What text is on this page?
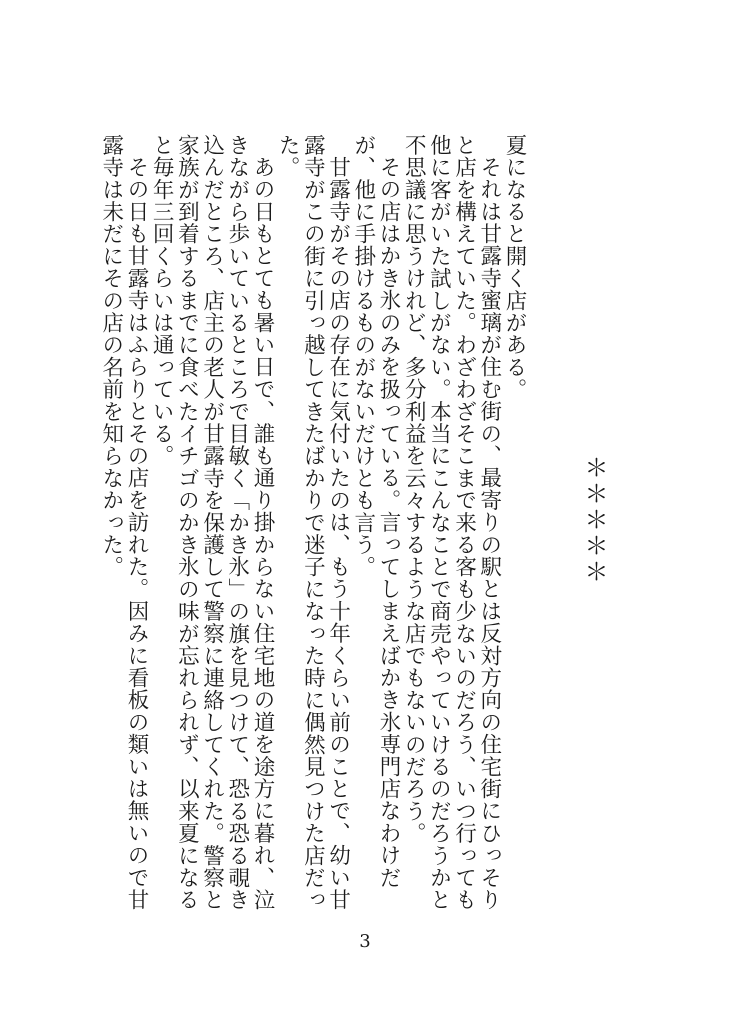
＊＊＊＊＊

夏になると開く店がある。

それは甘露寺蜜璃が住む街の、最寄りの駅とは反対方向の住宅街にひっそりと店を構えていた。わざわざそこまで来る客も少ないのだろう、いつ行っても他に客がいた試しがない。本当にこんなことで商売やっていけるのだろうかと不思議に思うけれど、多分利益を云々するような店でもないのだろう。

その店はかき氷のみを扱っている。言ってしまえばかき氷専門店なわけだが、他に手掛けるものがないだけとも言う。

甘露寺がその店の存在に気付いたのは、もう十年くらい前のことで、幼い甘露寺がこの街に引っ越してきたばかりで迷子になった時に偶然見つけた店だった。

あの日もとても暑い日で、誰も通り掛からない住宅地の道を途方に暮れ、泣きながら歩いているところで目敏く「かき氷」の旗を見つけて、恐る恐る覗き込んだところ、店主の老人が甘露寺を保護して警察に連絡してくれた。警察と家族が到着するまでに食べたイチゴのかき氷の味が忘れられず、以来夏になると毎年三回くらいは通っている。

その日も甘露寺はふらりとその店を訪れた。因みに看板の類いは無いので甘露寺は未だにその店の名前を知らなかった。

3
